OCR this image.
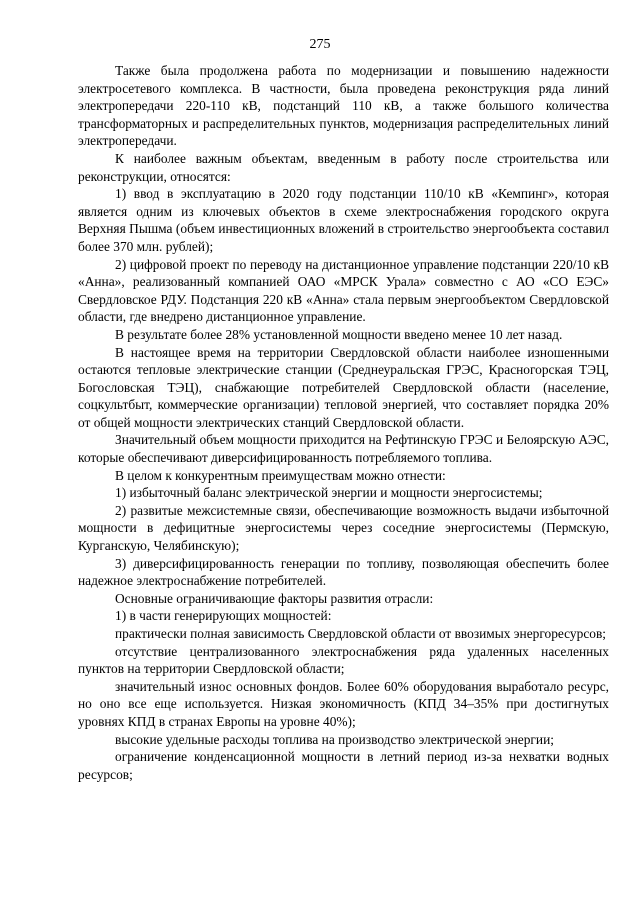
275

Также была продолжена работа по модернизации и повышению надежности электросетевого комплекса. В частности, была проведена реконструкция ряда линий электропередачи 220-110 кВ, подстанций 110 кВ, а также большого количества трансформаторных и распределительных пунктов, модернизация распределительных линий электропередачи.

К наиболее важным объектам, введенным в работу после строительства или реконструкции, относятся:

1) ввод в эксплуатацию в 2020 году подстанции 110/10 кВ «Кемпинг», которая является одним из ключевых объектов в схеме электроснабжения городского округа Верхняя Пышма (объем инвестиционных вложений в строительство энергообъекта составил более 370 млн. рублей);

2) цифровой проект по переводу на дистанционное управление подстанции 220/10 кВ «Анна», реализованный компанией ОАО «МРСК Урала» совместно с АО «СО ЕЭС» Свердловское РДУ. Подстанция 220 кВ «Анна» стала первым энергообъектом Свердловской области, где внедрено дистанционное управление.

В результате более 28% установленной мощности введено менее 10 лет назад.

В настоящее время на территории Свердловской области наиболее изношенными остаются тепловые электрические станции (Среднеуральская ГРЭС, Красногорская ТЭЦ, Богословская ТЭЦ), снабжающие потребителей Свердловской области (население, соцкультбыт, коммерческие организации) тепловой энергией, что составляет порядка 20% от общей мощности электрических станций Свердловской области.

Значительный объем мощности приходится на Рефтинскую ГРЭС и Белоярскую АЭС, которые обеспечивают диверсифицированность потребляемого топлива.

В целом к конкурентным преимуществам можно отнести:

1) избыточный баланс электрической энергии и мощности энергосистемы;

2) развитые межсистемные связи, обеспечивающие возможность выдачи избыточной мощности в дефицитные энергосистемы через соседние энергосистемы (Пермскую, Курганскую, Челябинскую);

3) диверсифицированность генерации по топливу, позволяющая обеспечить более надежное электроснабжение потребителей.

Основные ограничивающие факторы развития отрасли:

1) в части генерирующих мощностей:

практически полная зависимость Свердловской области от ввозимых энергоресурсов;

отсутствие централизованного электроснабжения ряда удаленных населенных пунктов на территории Свердловской области;

значительный износ основных фондов. Более 60% оборудования выработало ресурс, но оно все еще используется. Низкая экономичность (КПД 34–35% при достигнутых уровнях КПД в странах Европы на уровне 40%);

высокие удельные расходы топлива на производство электрической энергии;

ограничение конденсационной мощности в летний период из-за нехватки водных ресурсов;
